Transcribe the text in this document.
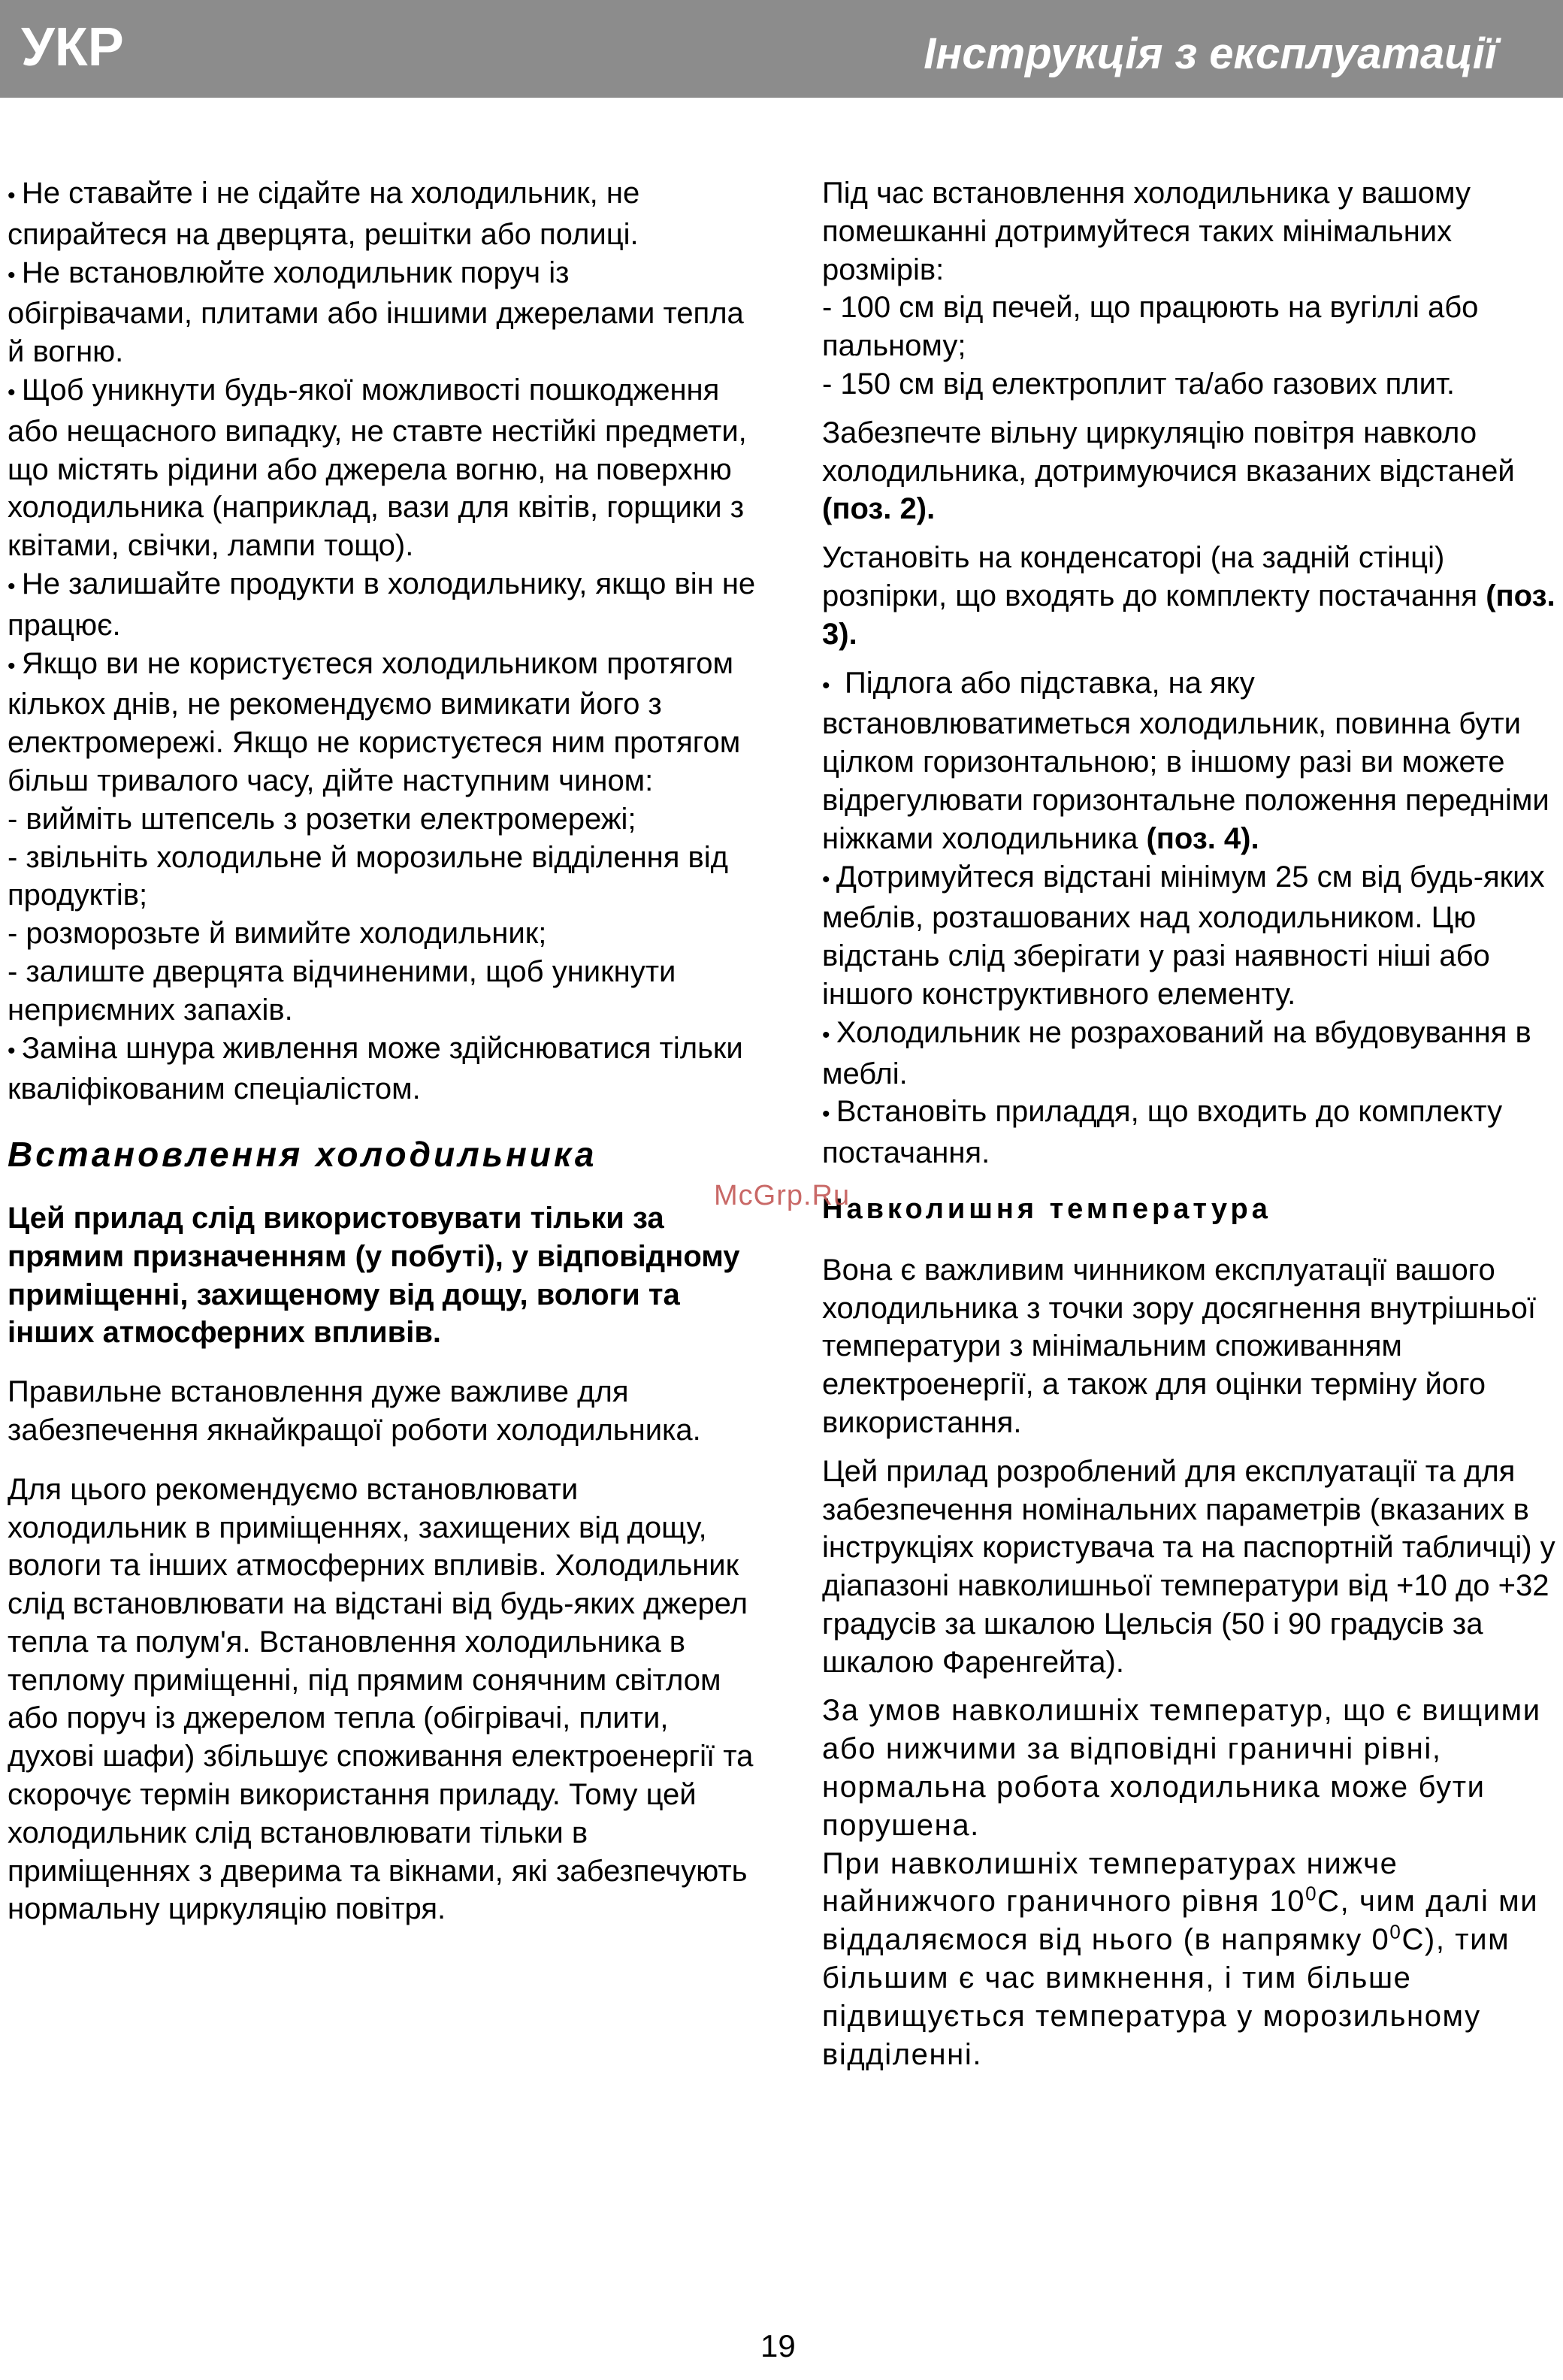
УКР	Інструкція з експлуатації

• Не ставайте і не сідайте на холодильник, не спирайтеся на дверцята, решітки або полиці.

• Не встановлюйте холодильник поруч із обігрівачами, плитами або іншими джерелами тепла й вогню.

• Щоб уникнути будь-якої можливості пошкодження або нещасного випадку, не ставте нестійкі предмети, що містять рідини або джерела вогню, на поверхню холодильника (наприклад, вази для квітів, горщики з квітами, свічки, лампи тощо).

• Не залишайте продукти в холодильнику, якщо він не працює.

• Якщо ви не користуєтеся холодильником протягом кількох днів, не рекомендуємо вимикати його з електромережі. Якщо не користуєтеся ним протягом більш тривалого часу, дійте наступним чином:

- вийміть штепсель з розетки електромережі;

- звільніть холодильне й морозильне відділення від продуктів;

- розморозьте й вимийте холодильник;

- залиште дверцята відчиненими, щоб уникнути неприємних запахів.

• Заміна шнура живлення може здійснюватися тільки кваліфікованим спеціалістом.

Встановлення холодильника

Цей прилад слід використовувати тільки за прямим призначенням (у побуті), у відповідному приміщенні, захищеному від дощу, вологи та інших атмосферних впливів.

Правильне встановлення дуже важливе для забезпечення якнайкращої роботи холодильника.

Для цього рекомендуємо встановлювати холодильник в приміщеннях, захищених від дощу, вологи та інших атмосферних впливів. Холодильник слід встановлювати на відстані від будь-яких джерел тепла та полум'я. Встановлення холодильника в теплому приміщенні, під прямим сонячним світлом або поруч із джерелом тепла (обігрівачі, плити, духові шафи) збільшує споживання електроенергії та скорочує термін використання приладу. Тому цей холодильник слід встановлювати тільки в приміщеннях з дверима та вікнами, які забезпечують нормальну циркуляцію повітря.

Під час встановлення холодильника у вашому помешканні дотримуйтеся таких мінімальних розмірів:

- 100 см від печей, що працюють на вугіллі або пальному;

- 150 см від електроплит та/або газових плит.

Забезпечте вільну циркуляцію повітря навколо холодильника, дотримуючися вказаних відстаней (поз. 2).

Установіть на конденсаторі (на задній стінці) розпірки, що входять до комплекту постачання (поз. 3).

• Підлога або підставка, на яку встановлюватиметься холодильник, повинна бути цілком горизонтальною; в іншому разі ви можете відрегулювати горизонтальне положення передніми ніжками холодильника (поз. 4).

• Дотримуйтеся відстані мінімум 25 см від будь-яких меблів, розташованих над холодильником. Цю відстань слід зберігати у разі наявності ніші або іншого конструктивного елементу.

• Холодильник не розрахований на вбудовування в меблі.

• Встановіть приладдя, що входить до комплекту постачання.

Навколишня температура

Вона є важливим чинником експлуатації вашого холодильника з точки зору досягнення внутрішньої температури з мінімальним споживанням електроенергії, а також для оцінки терміну його використання.

Цей прилад розроблений для експлуатації та для забезпечення номінальних параметрів (вказаних в інструкціях користувача та на паспортній табличці) у діапазоні навколишньої температури від +10 до +32 градусів за шкалою Цельсія (50 і 90 градусів за шкалою Фаренгейта).

За умов навколишніх температур, що є вищими або нижчими за відповідні граничні рівні, нормальна робота холодильника може бути порушена.

При навколишніх температурах нижче найнижчого граничного рівня $10^0С$, чим далі ми віддаляємося від нього (в напрямку $0^0С$), тим більшим є час вимкнення, і тим більше підвищується температура у морозильному відділенні.

McGrp.Ru
19
